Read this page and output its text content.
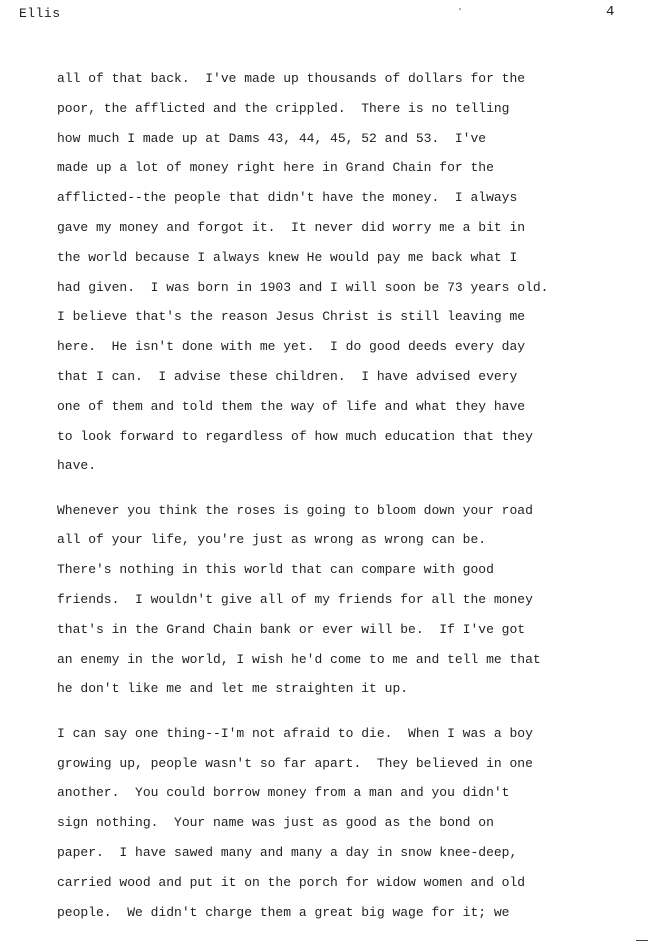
Ellis	4
all of that back.  I've made up thousands of dollars for the
poor, the afflicted and the crippled.  There is no telling
how much I made up at Dams 43, 44, 45, 52 and 53.  I've
made up a lot of money right here in Grand Chain for the
afflicted--the people that didn't have the money.  I always
gave my money and forgot it.  It never did worry me a bit in
the world because I always knew He would pay me back what I
had given.  I was born in 1903 and I will soon be 73 years old.
I believe that's the reason Jesus Christ is still leaving me
here.  He isn't done with me yet.  I do good deeds every day
that I can.  I advise these children.  I have advised every
one of them and told them the way of life and what they have
to look forward to regardless of how much education that they
have.
Whenever you think the roses is going to bloom down your road
all of your life, you're just as wrong as wrong can be.
There's nothing in this world that can compare with good
friends.  I wouldn't give all of my friends for all the money
that's in the Grand Chain bank or ever will be.  If I've got
an enemy in the world, I wish he'd come to me and tell me that
he don't like me and let me straighten it up.
I can say one thing--I'm not afraid to die.  When I was a boy
growing up, people wasn't so far apart.  They believed in one
another.  You could borrow money from a man and you didn't
sign nothing.  Your name was just as good as the bond on
paper.  I have sawed many and many a day in snow knee-deep,
carried wood and put it on the porch for widow women and old
people.  We didn't charge them a great big wage for it; we
